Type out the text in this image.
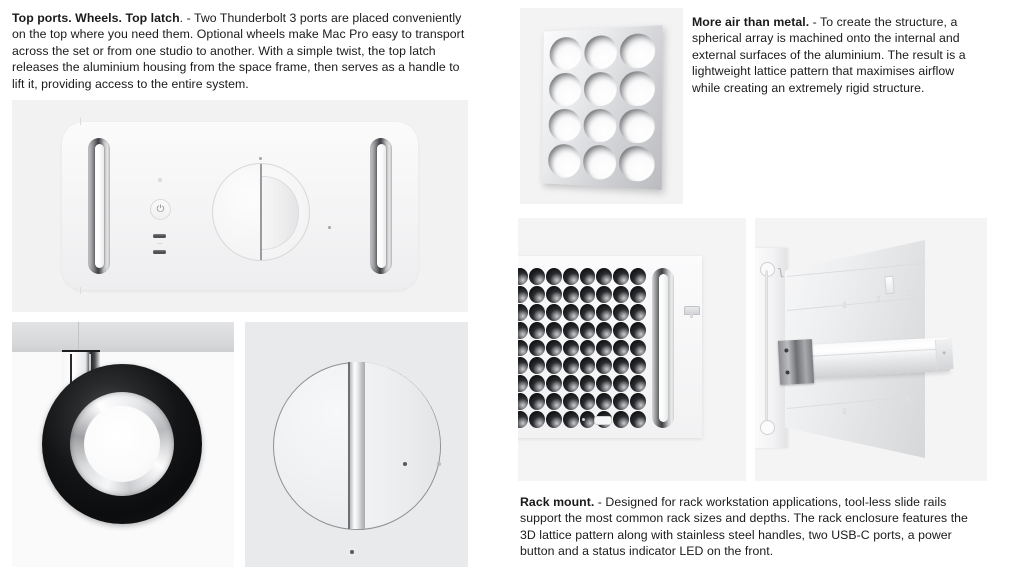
Top ports. Wheels. Top latch. - Two Thunderbolt 3 ports are placed conveniently on the top where you need them. Optional wheels make Mac Pro easy to transport across the set or from one studio to another. With a simple twist, the top latch releases the aluminium housing from the space frame, then serves as a handle to lift it, providing access to the entire system.
More air than metal. - To create the structure, a spherical array is machined onto the internal and external surfaces of the aluminium. The result is a lightweight lattice pattern that maximises airflow while creating an extremely rigid structure.
Rack mount. - Designed for rack workstation applications, tool-less slide rails support the most common rack sizes and depths. The rack enclosure features the 3D lattice pattern along with stainless steel handles, two USB-C ports, a power button and a status indicator LED on the front.
⏻
ʅ
